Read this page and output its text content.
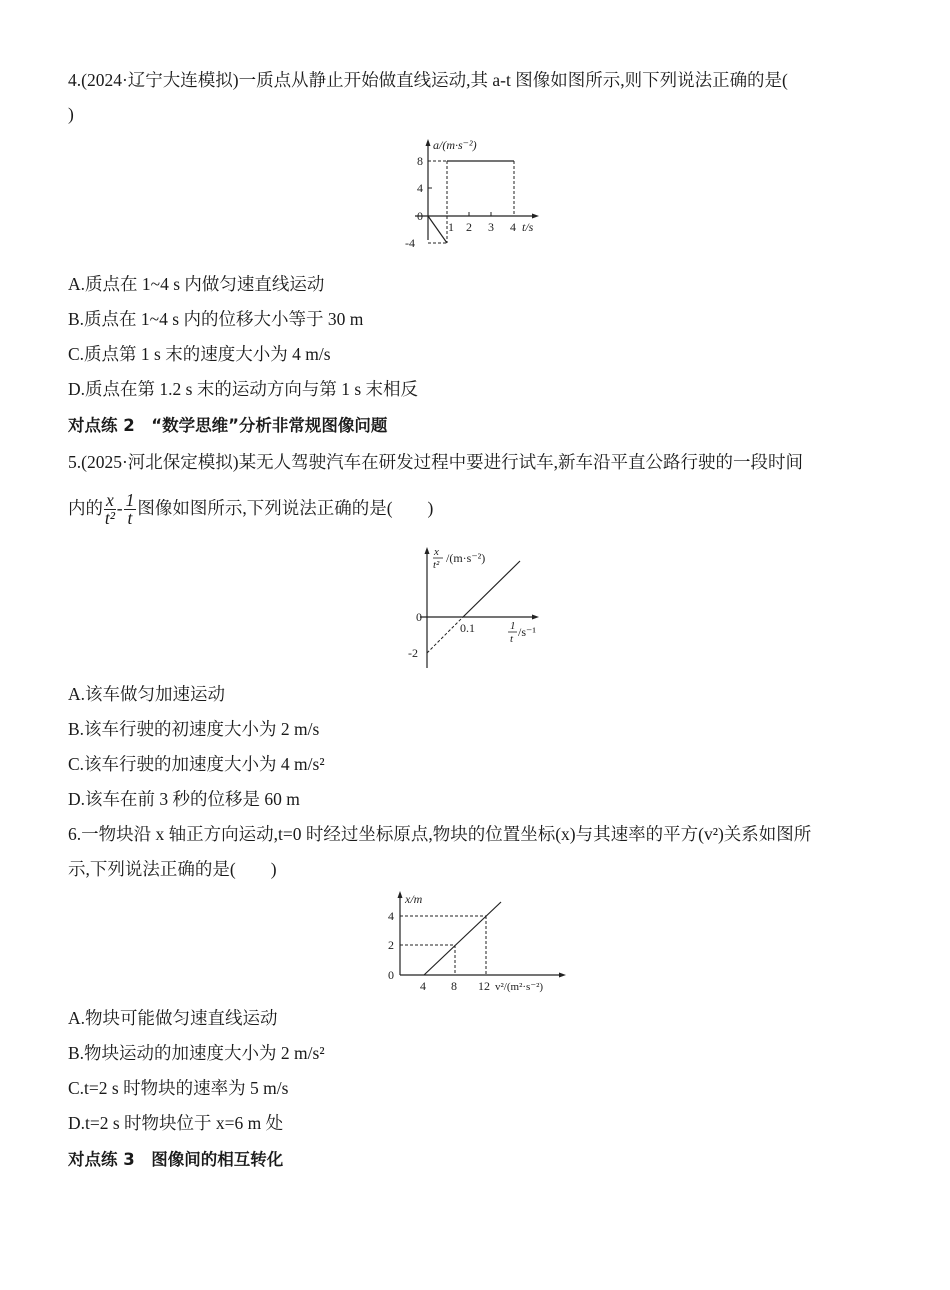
4.(2024·辽宁大连模拟)一质点从静止开始做直线运动,其 a-t 图像如图所示,则下列说法正确的是(
)
a/(m·s⁻²)
8
4
0
-4
1 2 3 4 t/s
A.质点在 1~4 s 内做匀速直线运动
B.质点在 1~4 s 内的位移大小等于 30 m
C.质点第 1 s 末的速度大小为 4 m/s
D.质点在第 1.2 s 末的运动方向与第 1 s 末相反
对点练 2　“数学思维”分析非常规图像问题
5.(2025·河北保定模拟)某无人驾驶汽车在研发过程中要进行试车,新车沿平直公路行驶的一段时间
内的 $\frac{x}{\text{t²}} - \frac{1}{t}$ 图像如图所示,下列说法正确的是(　　)
x
t² /(m·s⁻²)
0
0.1
-2
1
t /s⁻¹
A.该车做匀加速运动
B.该车行驶的初速度大小为 2 m/s
C.该车行驶的加速度大小为 4 m/s²
D.该车在前 3 秒的位移是 60 m
6.一物块沿 x 轴正方向运动,t=0 时经过坐标原点,物块的位置坐标(x)与其速率的平方(v²)关系如图所
示,下列说法正确的是(　　)
x/m
4
2
0
4 8 12 v²/(m²·s⁻²)
A.物块可能做匀速直线运动
B.物块运动的加速度大小为 2 m/s²
C.t=2 s 时物块的速率为 5 m/s
D.t=2 s 时物块位于 x=6 m 处
对点练 3　图像间的相互转化
